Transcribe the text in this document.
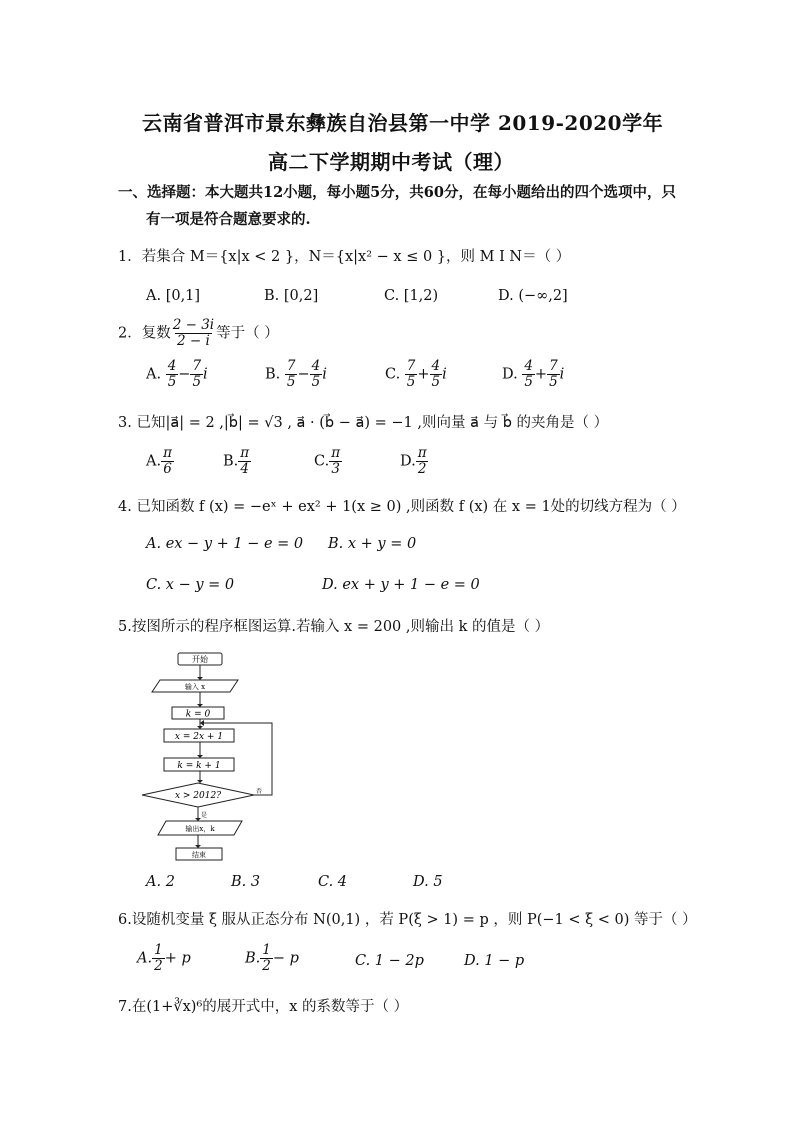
云南省普洱市景东彝族自治县第一中学 2019-2020学年
高二下学期期中考试（理）
一、选择题：本大题共12小题，每小题5分，共60分，在每小题给出的四个选项中，只
有一项是符合题意要求的.
1．若集合 M＝{x|x < 2 }，N＝{x|x² − x ≤ 0 }，则 M I N＝（ ）
A. [0,1]	B. [0,2]	C. [1,2)	D. (−∞,2]
2．复数 $\frac{2 - 3i}{2 - i}$ 等于（ ）
A. $\frac{4}{5} - \frac{7}{5}$ i	B. $\frac{7}{5} - \frac{4}{5}$ i	C. $\frac{7}{5} + \frac{4}{5}$ i	D. $\frac{4}{5} + \frac{7}{5}$ i
3. 已知|a⃗| = 2 ,|b⃗| = √3 , a⃗ · (b⃗ − a⃗) = −1 ,则向量 a⃗ 与 b⃗ 的夹角是（ ）
A. $\frac{\pi}{6}$	B. $\frac{\pi}{4}$	C. $\frac{\pi}{3}$	D. $\frac{\pi}{2}$
4. 已知函数 f (x) = −eˣ + ex² + 1(x ≥ 0) ,则函数 f (x) 在 x = 1处的切线方程为（ ）
A. ex − y + 1 − e = 0 B. x + y = 0
C. x − y = 0	D. ex + y + 1 − e = 0
5.按图所示的程序框图运算.若输入 x = 200 ,则输出 k 的值是（ ）
开始
输入 x
k = 0
x = 2x + 1
k = k + 1
x > 2012?	否
是
输出x，k
结束
A. 2	B. 3	C. 4	D. 5
6.设随机变量 ξ 服从正态分布 N(0,1) ，若 P(ξ > 1) = p ，则 P(−1 < ξ < 0) 等于（ ）
A. $\frac{1}{2} + p$	B. $\frac{1}{2} - p$	C. 1 − 2p	D. 1 − p
7.在(1+∛x)⁶的展开式中，x 的系数等于（ ）
